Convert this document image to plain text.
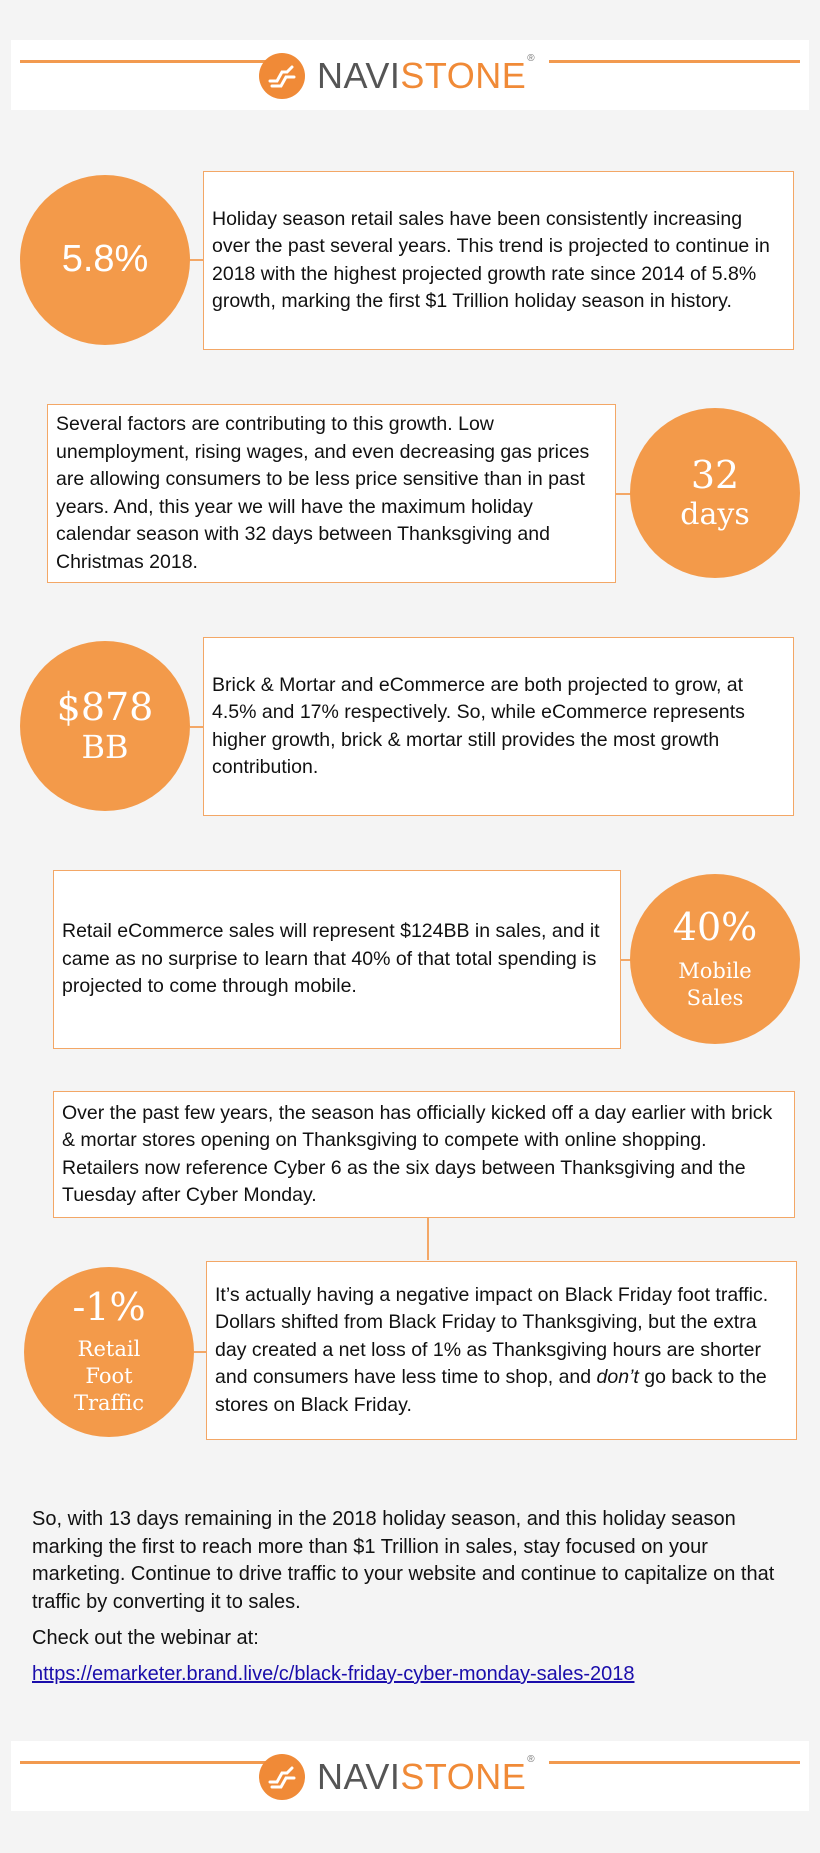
NAVISTONE®
5.8%
Holiday season retail sales have been consistently increasing over the past several years. This trend is projected to continue in 2018 with the highest projected growth rate since 2014 of 5.8% growth, marking the first $1 Trillion holiday season in history.
Several factors are contributing to this growth. Low unemployment, rising wages, and even decreasing gas prices are allowing consumers to be less price sensitive than in past years. And, this year we will have the maximum holiday calendar season with 32 days between Thanksgiving and Christmas 2018.
32
days
$878
BB
Brick & Mortar and eCommerce are both projected to grow, at 4.5% and 17% respectively. So, while eCommerce represents higher growth, brick & mortar still provides the most growth contribution.
Retail eCommerce sales will represent $124BB in sales, and it came as no surprise to learn that 40% of that total spending is projected to come through mobile.
40%
Mobile Sales
Over the past few years, the season has officially kicked off a day earlier with brick & mortar stores opening on Thanksgiving to compete with online shopping. Retailers now reference Cyber 6 as the six days between Thanksgiving and the Tuesday after Cyber Monday.
-1%
Retail
Foot
Traffic
It’s actually having a negative impact on Black Friday foot traffic. Dollars shifted from Black Friday to Thanksgiving, but the extra day created a net loss of 1% as Thanksgiving hours are shorter and consumers have less time to shop, and don’t go back to the stores on Black Friday.
So, with 13 days remaining in the 2018 holiday season, and this holiday season marking the first to reach more than $1 Trillion in sales, stay focused on your marketing. Continue to drive traffic to your website and continue to capitalize on that traffic by converting it to sales.
Check out the webinar at:
https://emarketer.brand.live/c/black-friday-cyber-monday-sales-2018
NAVISTONE®
